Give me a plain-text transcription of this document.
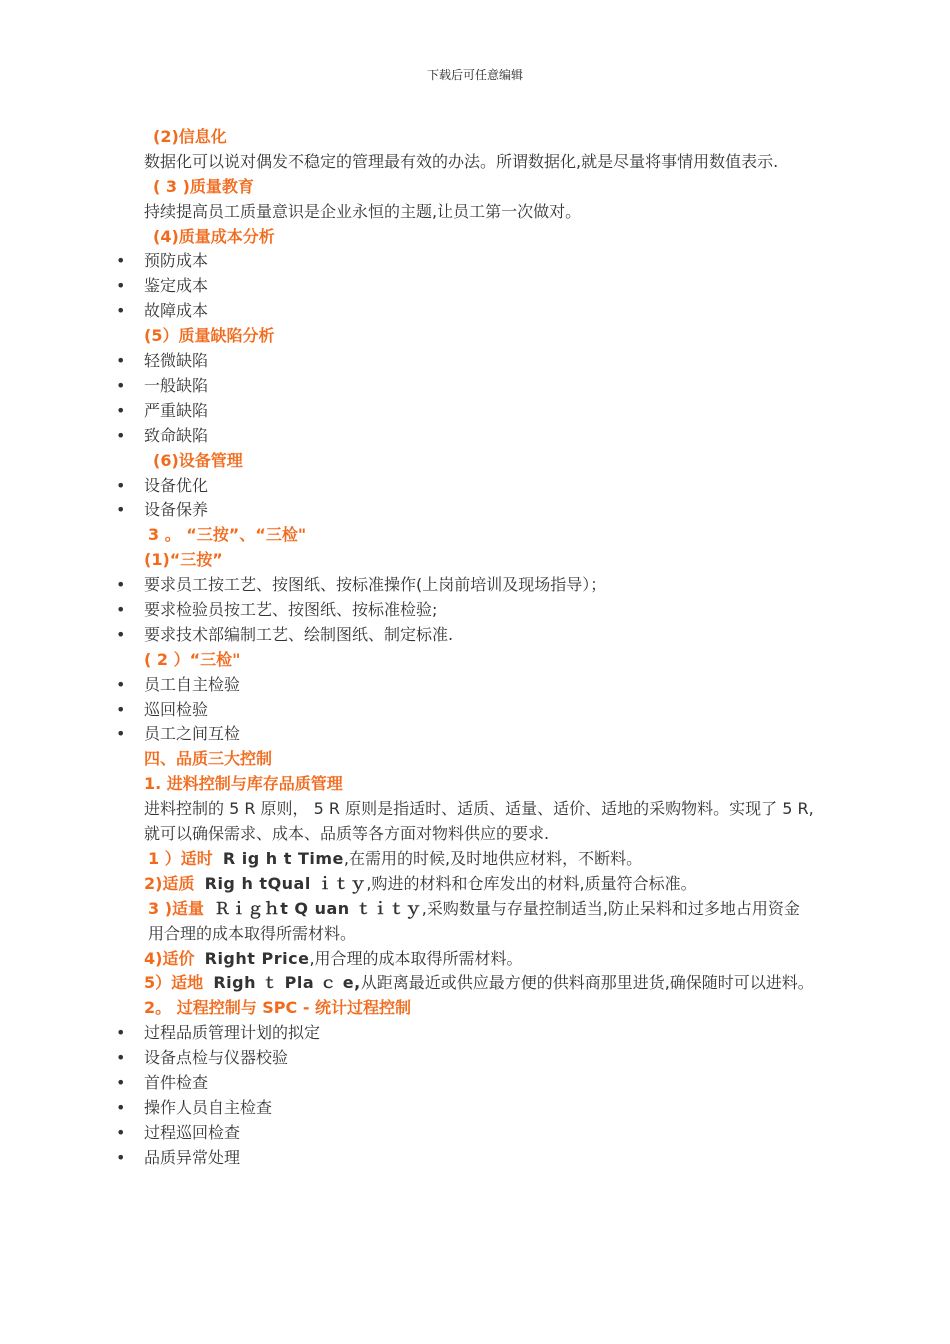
下载后可任意编辑
(2)信息化
数据化可以说对偶发不稳定的管理最有效的办法。所谓数据化,就是尽量将事情用数值表示.
( 3 )质量教育
持续提高员工质量意识是企业永恒的主题,让员工第一次做对。
(4)质量成本分析
• 预防成本
• 鉴定成本
• 故障成本
(5）质量缺陷分析
• 轻微缺陷
• 一般缺陷
• 严重缺陷
• 致命缺陷
(6)设备管理
• 设备优化
• 设备保养
3 。 “三按”、“三检"
(1)“三按”
• 要求员工按工艺、按图纸、按标准操作(上岗前培训及现场指导）；
• 要求检验员按工艺、按图纸、按标准检验;
• 要求技术部编制工艺、绘制图纸、制定标准.
( 2 ）“三检"
• 员工自主检验
• 巡回检验
• 员工之间互检
四、品质三大控制
1. 进料控制与库存品质管理
进料控制的 5 R 原则， 5 R 原则是指适时、适质、适量、适价、适地的采购物料。实现了 5 R,就可以确保需求、成本、品质等各方面对物料供应的要求.
1 ）适时 R ig h t Time,在需用的时候,及时地供应材料，不断料。
2)适质 Rig h tQual ｉｔｙ,购进的材料和仓库发出的材料,质量符合标准。
3 )适量 Ｒｉｇｈt Q uan ｔｉｔｙ,采购数量与存量控制适当,防止呆料和过多地占用资金用合理的成本取得所需材料。
4)适价 Right Price,用合理的成本取得所需材料。
5）适地 Righ ｔ Pla ｃ e,从距离最近或供应最方便的供料商那里进货,确保随时可以进料。
2。 过程控制与 SPC - 统计过程控制
• 过程品质管理计划的拟定
• 设备点检与仪器校验
• 首件检查
• 操作人员自主检查
• 过程巡回检查
• 品质异常处理
